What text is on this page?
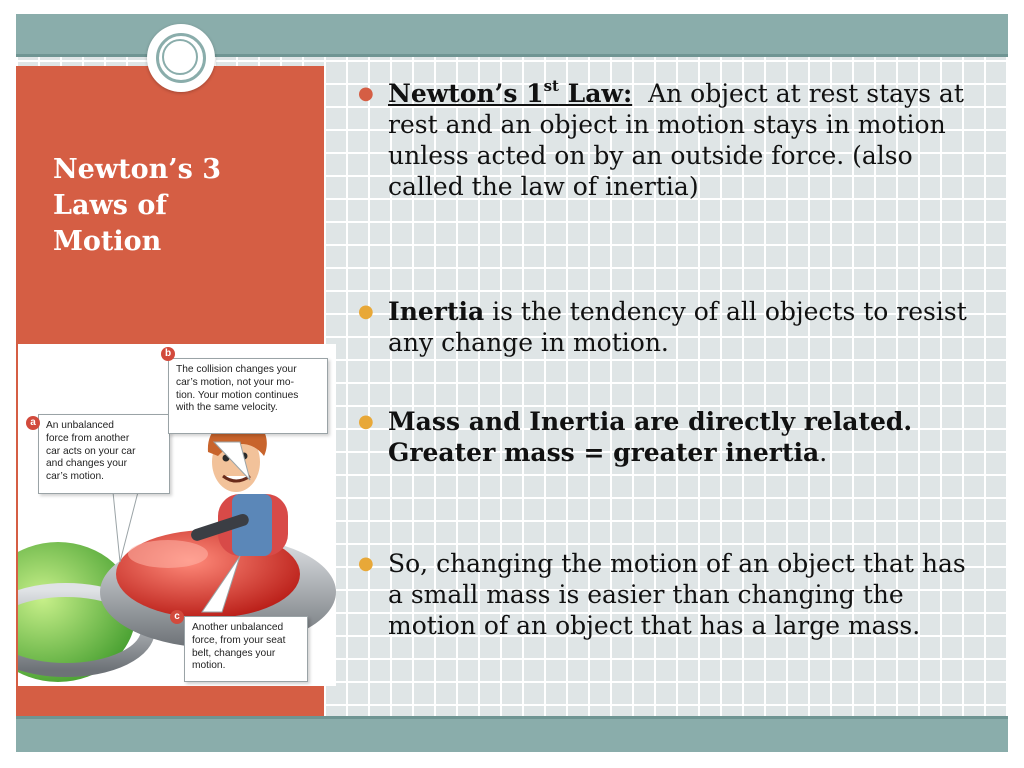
Newton’s 3
Laws of
Motion
An unbalanced
force from another
car acts on your car
and changes your
car’s motion.
a
The collision changes your
car’s motion, not your mo-
tion. Your motion continues
with the same velocity.
b
Another unbalanced
force, from your seat
belt, changes your
motion.
c
● Newton’s 1st Law: An object at rest stays at rest and an object in motion stays in motion unless acted on by an outside force. (also called the law of inertia)
● Inertia is the tendency of all objects to resist any change in motion.
● Mass and Inertia are directly related. Greater mass = greater inertia.
● So, changing the motion of an object that has a small mass is easier than changing the motion of an object that has a large mass.
